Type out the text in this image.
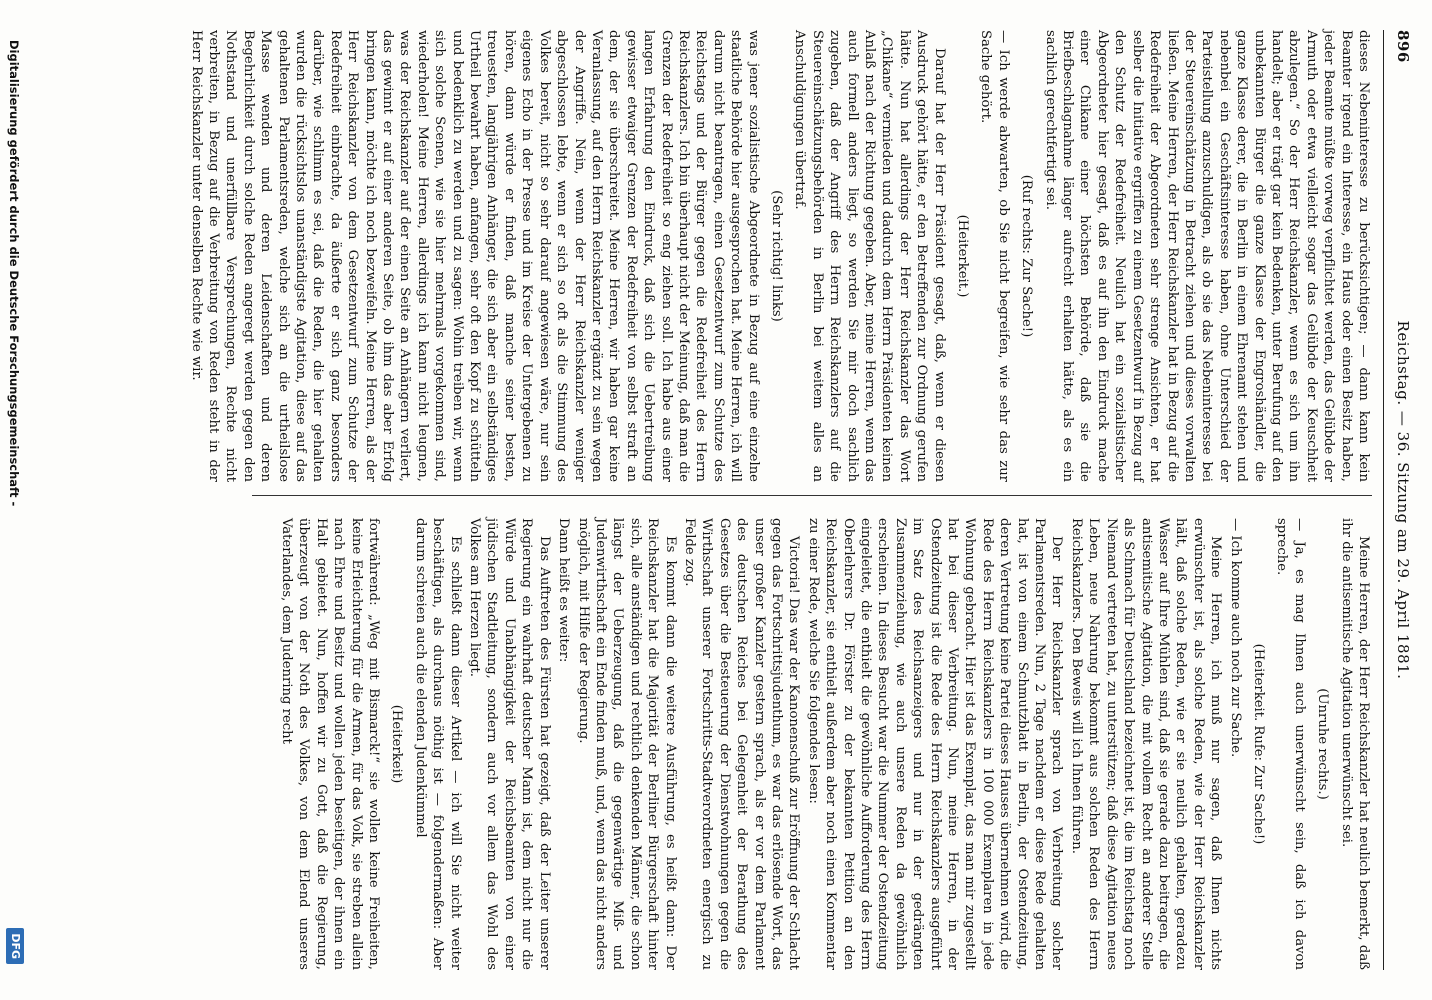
896
Reichstag. — 36. Sitzung am 29. April 1881.

dieses Nebeninteresse zu berücksichtigen; — dann kann kein Beamter irgend ein Interesse, ein Haus oder einen Besitz haben, jeder Beamte müßte vorweg verpflichtet werden, das Gelübde der Armuth oder etwa vielleicht sogar das Gelübde der Keuschheit abzulegen.“ So der Herr Reichskanzler, wenn es sich um ihn handelt; aber er trägt gar kein Bedenken, unter Berufung auf den unbekannten Bürger die ganze Klasse der Engroshändler, die ganze Klasse derer, die in Berlin in einem Ehrenamt stehen und nebenbei ein Geschäftsinteresse haben, ohne Unterschied der Parteistellung anzuschuldigen, als ob sie das Nebeninteresse bei der Steuereinschätzung in Betracht ziehen und dieses vorwalten ließen. Meine Herren, der Herr Reichskanzler hat in Bezug auf die Redefreiheit der Abgeordneten sehr strenge Ansichten, er hat selber die Initiative ergriffen zu einem Gesetzentwurf in Bezug auf den Schutz der Redefreiheit. Neulich hat ein sozialistischer Abgeordneter hier gesagt, daß es auf ihn den Eindruck mache einer Chikane einer höchsten Behörde, daß sie die Briefbeschlagnahme länger aufrecht erhalten hätte, als es ein sachlich gerechtfertigt sei.

(Ruf rechts: Zur Sache!)

— Ich werde abwarten, ob Sie nicht begreifen, wie sehr das zur Sache gehört.

(Heiterkeit.)

Darauf hat der Herr Präsident gesagt, daß, wenn er diesen Ausdruck gehört hätte, er den Betreffenden zur Ordnung gerufen hätte. Nun hat allerdings der Herr Reichskanzler das Wort „Chikane“ vermieden und dadurch dem Herrn Präsidenten keinen Anlaß nach der Richtung gegeben. Aber, meine Herren, wenn das auch formell anders liegt, so werden Sie mir doch sachlich zugeben, daß der Angriff des Herrn Reichskanzlers auf die Steuereinschätzungsbehörden in Berlin bei weitem alles an Anschuldigungen übertraf.

(Sehr richtig! links)

was jener sozialistische Abgeordnete in Bezug auf eine einzelne staatliche Behörde hier ausgesprochen hat. Meine Herren, ich will darum nicht beantragen, einen Gesetzentwurf zum Schutze des Reichstags und der Bürger gegen die Redefreiheit des Herrn Reichskanzlers. Ich bin überhaupt nicht der Meinung, daß man die Grenzen der Redefreiheit so eng ziehen soll. Ich habe aus einer langen Erfahrung den Eindruck, daß sich die Uebertreibung gewisser etwaiger Grenzen der Redefreiheit von selbst straft an dem, der sie überschreitet. Meine Herren, wir haben gar keine Veranlassung, auf den Herrn Reichskanzler ergänzt zu sein wegen der Angriffe. Nein, wenn der Herr Reichskanzler weniger abgeschlossen lebte, wenn er sich so oft als die Stimmung des Volkes bereit, nicht so sehr darauf angewiesen wäre, nur sein eigenes Echo in der Presse und im Kreise der Untergebenen zu hören, dann würde er finden, daß manche seiner besten, treuesten, langjährigen Anhänger, die sich aber ein selbständiges Urtheil bewahrt haben, anfangen, sehr oft den Kopf zu schütteln und bedenklich zu werden und zu sagen: Wohin treiben wir, wenn sich solche Scenen, wie sie hier mehrmals vorgekommen sind, wiederholen! Meine Herren, allerdings ich kann nicht leugnen, was der Reichskanzler auf der einen Seite an Anhängern verliert, das gewinnt er auf einer anderen Seite, ob ihm das aber Erfolg bringen kann, möchte ich noch bezweifeln. Meine Herren, als der Herr Reichskanzler von dem Gesetzentwurf zum Schutze der Redefreiheit einbrachte, da äußerte er sich ganz besonders darüber, wie schlimm es sei, daß die Reden, die hier gehalten wurden die rücksichtslos unanständigste Agitation, diese auf das gehaltenen Parlamentsreden, welche sich an die urtheilslose Masse wenden und deren Leidenschaften und deren Begehrlichkeit durch solche Reden angeregt werden gegen den Nothstand und unerfüllbare Versprechungen, Rechte nicht verbreiten, in Bezug auf die Verbreitung von Reden steht in der Herr Reichskanzler unter denselben Rechte wie wir.

Meine Herren, der Herr Reichskanzler hat neulich bemerkt, daß ihr die antisemitische Agitation unerwünscht sei.

(Unruhe rechts.)

— Ja, es mag Ihnen auch unerwünscht sein, daß ich davon spreche.

(Heiterkeit. Rufe: Zur Sache!)

— Ich komme auch noch zur Sache.

Meine Herren, ich muß nur sagen, daß Ihnen nichts erwünschter ist, als solche Reden, wie der Herr Reichskanzler hält, daß solche Reden, wie er sie neulich gehalten, geradezu Wasser auf Ihre Mühlen sind, daß sie gerade dazu beitragen, die antisemitische Agitation, die mit vollem Recht an anderer Stelle als Schmach für Deutschland bezeichnet ist, die im Reichstag noch Niemand vertreten hat, zu unterstützen; daß diese Agitation neues Leben, neue Nahrung bekommt aus solchen Reden des Herrn Reichskanzlers. Den Beweis will ich Ihnen führen.

Der Herr Reichskanzler sprach von Verbreitung solcher Parlamentsreden. Nun, 2 Tage nachdem er diese Rede gehalten hat, ist von einem Schmutzblatt in Berlin, der Ostendzeitung, deren Vertretung keine Partei dieses Hauses übernehmen wird, die Rede des Herrn Reichskanzlers in 100 000 Exemplaren in jede Wohnung gebracht. Hier ist das Exemplar, das man mir zugestellt hat bei dieser Verbreitung. Nun, meine Herren, in der Ostendzeitung ist die Rede des Herrn Reichskanzlers ausgeführt im Satz des Reichsanzeigers und nur in der gedrängten Zusammenziehung, wie auch unsere Reden da gewöhnlich erscheinen. In dieses Besucht war die Nummer der Ostendzeitung eingeleitet, die enthielt die gewöhnliche Aufforderung des Herrn Oberlehrers Dr. Förster zu der bekannten Petition an den Reichskanzler, sie enthielt außerdem aber noch einen Kommentar zu einer Rede, welche Sie folgendes lesen:

Victoria! Das war der Kanonenschuß zur Eröffnung der Schlacht gegen das Fortschrittsjudenthum, es war das erlösende Wort, das unser großer Kanzler gestern sprach, als er vor dem Parlament des deutschen Reiches bei Gelegenheit der Berathung des Gesetzes über die Besteuerung der Dienstwohnungen gegen die Wirthschaft unserer Fortschritts-Stadtverordneten energisch zu Felde zog.

Es kommt dann die weitere Ausführung, es heißt dann: Der Reichskanzler hat die Majorität der Berliner Bürgerschaft hinter sich, alle anständigen und rechtlich denkenden Männer, die schon längst der Ueberzeugung, daß die gegenwärtige Miß- und Judenwirthschaft ein Ende finden muß, und, wenn das nicht anders möglich, mit Hilfe der Regierung.

Dann heißt es weiter:

Das Auftreten des Fürsten hat gezeigt, daß der Leiter unserer Regierung ein wahrhaft deutscher Mann ist, dem nicht nur die Würde und Unabhängigkeit der Reichsbeamten von einer jüdischen Stadtleitung, sondern auch vor allem das Wohl des Volkes am Herzen liegt.

Es schließt dann dieser Artikel — ich will Sie nicht weiter beschäftigen, als durchaus nöthig ist — folgendermaßen: Aber darum schreien auch die elenden Judenkümmel

(Heiterkeit)

fortwährend: „Weg mit Bismarck!“ sie wollen keine Freiheiten, keine Erleichterung für die Armen, für das Volk, sie streben allein nach Ehre und Besitz und wollen jeden beseitigen, der ihnen ein Halt gebietet. Nun, hoffen wir zu Gott, daß die Regierung, überzeugt von der Noth des Volkes, von dem Elend unseres Vaterlandes, dem Judenring recht

Digitalisierung gefördert durch die Deutsche Forschungsgemeinschaft -
DFG
